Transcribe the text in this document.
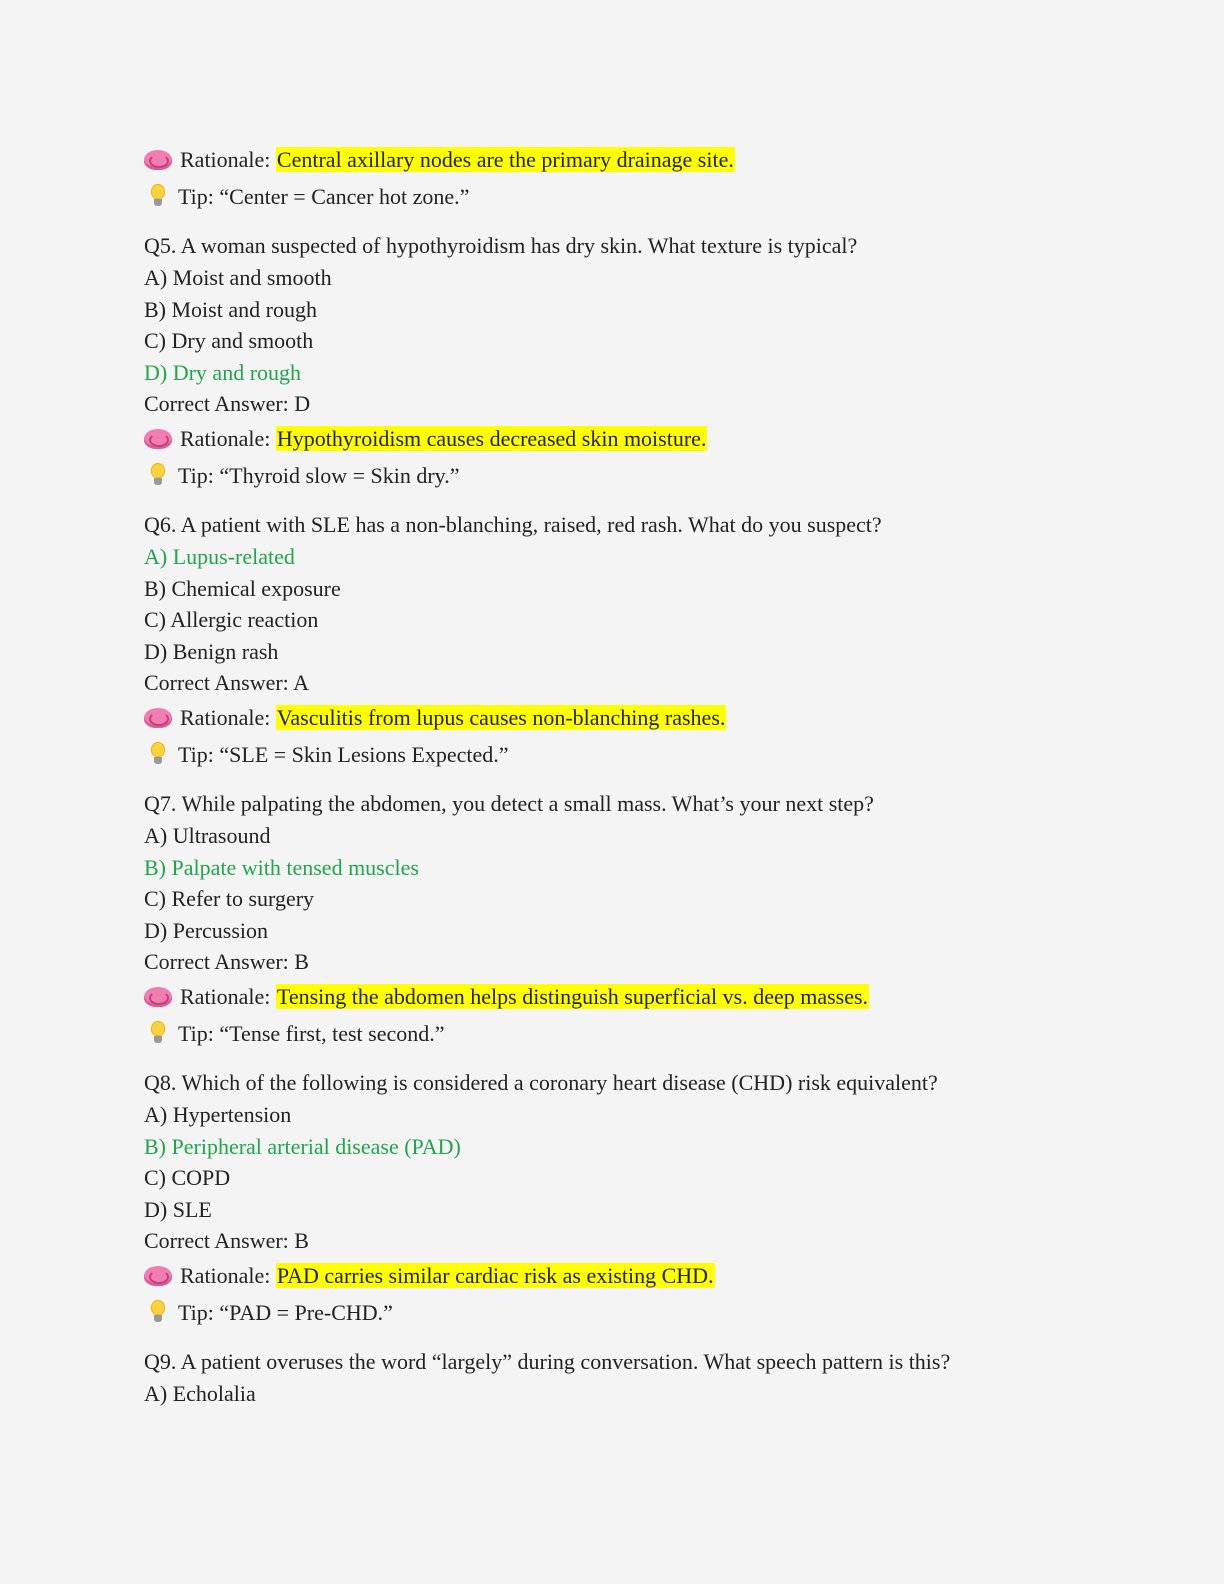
Rationale: Central axillary nodes are the primary drainage site.
Tip: “Center = Cancer hot zone.”
Q5. A woman suspected of hypothyroidism has dry skin. What texture is typical?
A) Moist and smooth
B) Moist and rough
C) Dry and smooth
D) Dry and rough
Correct Answer: D
Rationale: Hypothyroidism causes decreased skin moisture.
Tip: “Thyroid slow = Skin dry.”
Q6. A patient with SLE has a non-blanching, raised, red rash. What do you suspect?
A) Lupus-related
B) Chemical exposure
C) Allergic reaction
D) Benign rash
Correct Answer: A
Rationale: Vasculitis from lupus causes non-blanching rashes.
Tip: “SLE = Skin Lesions Expected.”
Q7. While palpating the abdomen, you detect a small mass. What’s your next step?
A) Ultrasound
B) Palpate with tensed muscles
C) Refer to surgery
D) Percussion
Correct Answer: B
Rationale: Tensing the abdomen helps distinguish superficial vs. deep masses.
Tip: “Tense first, test second.”
Q8. Which of the following is considered a coronary heart disease (CHD) risk equivalent?
A) Hypertension
B) Peripheral arterial disease (PAD)
C) COPD
D) SLE
Correct Answer: B
Rationale: PAD carries similar cardiac risk as existing CHD.
Tip: “PAD = Pre-CHD.”
Q9. A patient overuses the word “largely” during conversation. What speech pattern is this?
A) Echolalia
